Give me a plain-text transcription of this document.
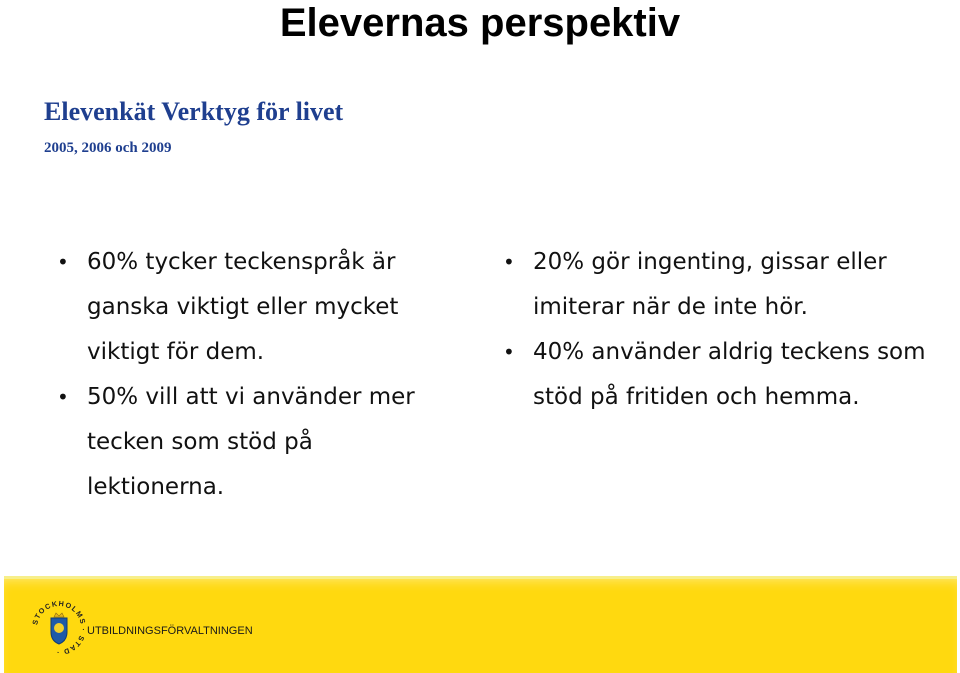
Elevernas perspektiv
Elevenkät Verktyg för livet
2005, 2006 och 2009
• 60% tycker teckenspråk är ganska viktigt eller mycket viktigt för dem.
• 50% vill att vi använder mer tecken som stöd på lektionerna.
• 20% gör ingenting, gissar eller imiterar när de inte hör.
• 40% använder aldrig teckens som stöd på fritiden och hemma.
STOCKHOLMS · STAD ·
UTBILDNINGSFÖRVALTNINGEN
